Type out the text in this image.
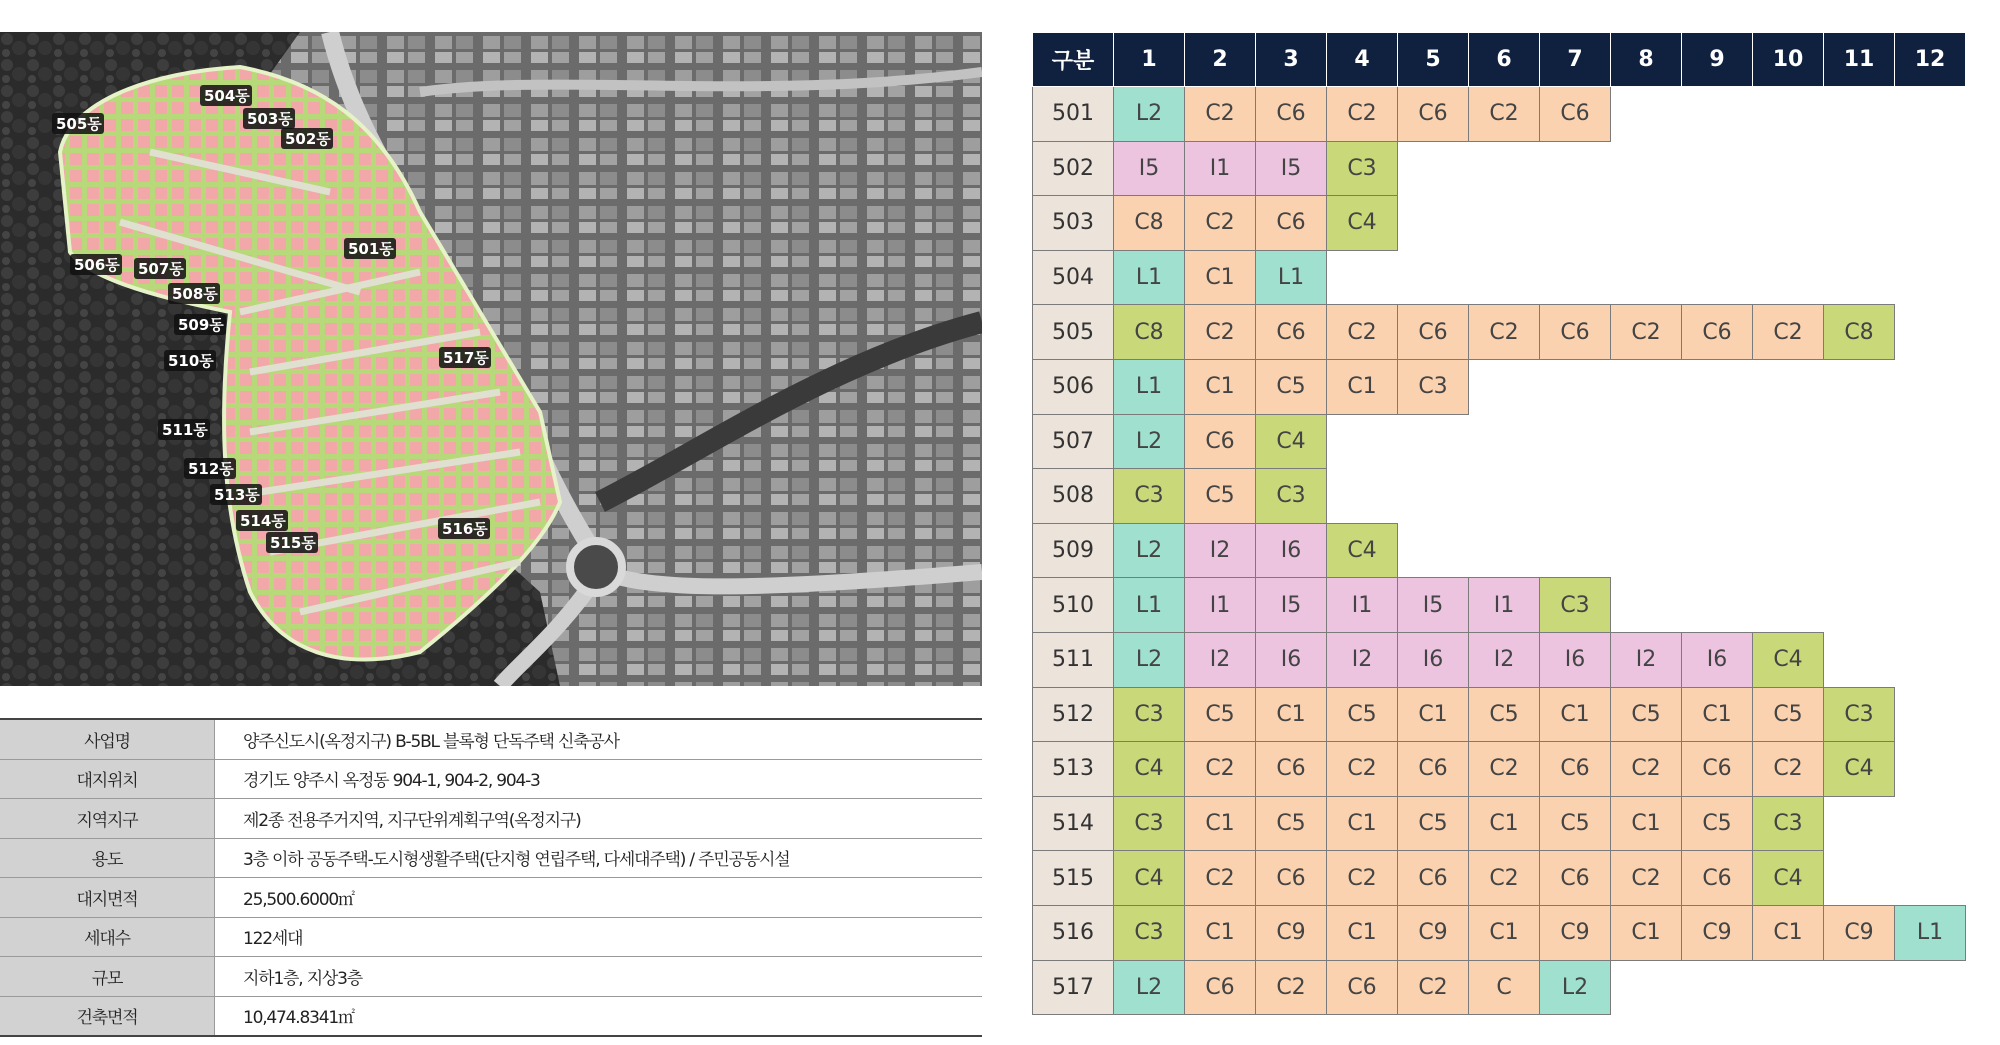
505동
504동
503동
502동
501동
506동 507동
508동
509동
510동	517동
511동
512동
513동
514동
515동
516동
사업명	양주신도시(옥정지구) B-5BL 블록형 단독주택 신축공사
대지위치	경기도 양주시 옥정동 904-1, 904-2, 904-3
지역지구	제2종 전용주거지역, 지구단위계획구역(옥정지구)
용도	3층 이하 공동주택-도시형생활주택(단지형 연립주택, 다세대주택) / 주민공동시설
대지면적	25,500.6000㎡
세대수	122세대
규모	지하1층, 지상3층
건축면적	10,474.8341㎡
구분	1	2	3	4	5	6	7	8	9	10	11	12
501	L2	C2	C6	C2	C6	C2	C6					
502	I5	I1	I5	C3								
503	C8	C2	C6	C4								
504	L1	C1	L1									
505	C8	C2	C6	C2	C6	C2	C6	C2	C6	C2	C8	
506	L1	C1	C5	C1	C3							
507	L2	C6	C4									
508	C3	C5	C3									
509	L2	I2	I6	C4								
510	L1	I1	I5	I1	I5	I1	C3					
511	L2	I2	I6	I2	I6	I2	I6	I2	I6	C4		
512	C3	C5	C1	C5	C1	C5	C1	C5	C1	C5	C3	
513	C4	C2	C6	C2	C6	C2	C6	C2	C6	C2	C4	
514	C3	C1	C5	C1	C5	C1	C5	C1	C5	C3		
515	C4	C2	C6	C2	C6	C2	C6	C2	C6	C4		
516	C3	C1	C9	C1	C9	C1	C9	C1	C9	C1	C9	L1
517	L2	C6	C2	C6	C2	C	L2					
